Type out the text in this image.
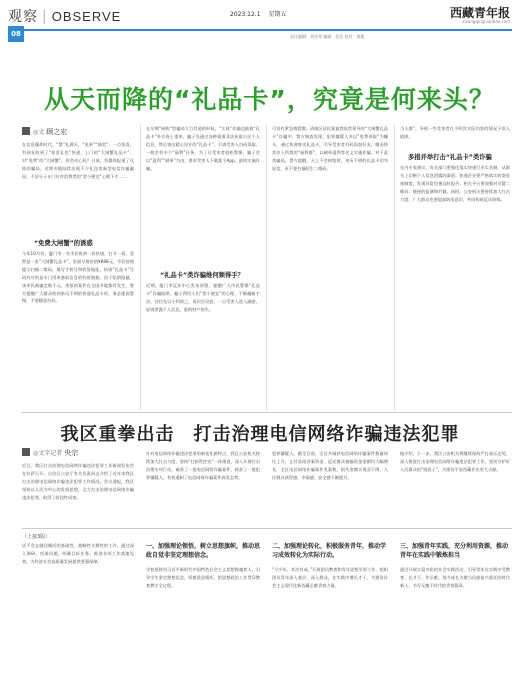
观察 | OBSERVE	2023.12.1 星期五	西藏青年报
xizangqingnianbao.com
08	责任编辑：刘亚琴 编辑：任浩 校对：贾聪
从天而降的“礼品卡”，究竟是何来头？
◎文 顾之宏
在信息爆炸时代，“警”礼满天，“免单”“抽奖”，一点惊喜。有网友收到了“惊喜礼包”快递，上门的“大闸蟹礼品卡”、对“免费”的“大闸蟹”，你会动心吗？日前，有媒体报道了这样的骗局。近期多地陆续出现不少礼包类新型电信诈骗骗局，不法分子专门针对消费者的“贪小便宜”心理下手……
“免费大闸蟹”的诱惑
今年10月份，厦门市一名市民收到一份快递，打开一看，竟然是一张“大闸蟹礼品卡”，里面写着价值¥888元，市民按照提示扫描二维码，填写手机号和收货地址，结果“礼品卡”号码对应的是专门用来套取信息的钓鱼链接。由于陷阱隐蔽，该市民被骗走数千元。类似的案件在全国多地都有发生，警方提醒广大群众收到来历不明的快递礼品卡时，务必提高警惕，不要随意扫码。
在早期“网购”型骗局大行其道的时候，“实体”诈骗也披着“礼品卡”外衣卷土重来。骗子先通过各种渠道非法获取公民个人信息，然后寄出精心设计的“礼品卡”，引诱受害人扫码领取。一般会有多个“福利”任务，为了让受害者放松警惕，骗子会以“返利”“刷单”为由，要求受害人下载某个App，最终实施诈骗。
“礼品卡”类诈骗维何频得手？
近期，厦门市反诈中心发布预警，提醒广大市民警惕“礼品卡”诈骗陷阱。骗子利用人们“贪小便宜”的心理，不断翻新手法，往往先以小利诱之，再层层设套，一旦受害人进入圈套，轻则泄露个人信息，重则财产损失。
可设有紧急销暂缴。清康区居民案彼我诶哲领导的“大闸蟹礼品卡”诈骗中，警方调查发现，犯罪嫌疑人多以“免费领取”为噱头，通过快递寄送礼品卡，引导受害者扫码添加好友，继而将其拉入所谓的“福利群”，以刷单返利等名义实施诈骗。对于此类骗局，警方提醒，天上不会掉馅饼，来历不明的礼品卡切勿轻信，更不要扫描陌生二维码。
当人群”，导致一些受害者在不明其实际内容的情况下误入陷阱。
多措并举打击“礼品卡”类诈骗
在内专家建议，有关部门要强化落实快递行业实名制，从源头上切断个人信息泄露的渠道；快递企业要严格落实收寄验视制度，发现异常包裹及时报告；相关平台要加强对可疑二维码、链接的监测和拦截。同时，公安机关要持续加大打击力度，广大群众也要提高防范意识，共同构筑反诈防线。
我区重拳出击　打击治理电信网络诈骗违法犯罪
◎文字记者 央宗
近日，我区打击治理电信网络诈骗违法犯罪工作新闻发布会在拉萨召开。自治区公安厅有关负责同志介绍了近年来我区打击治理电信网络诈骗违法犯罪工作情况。会议通报，我区坚持以人民为中心的发展思想，全力打击治理电信网络诈骗违法犯罪，取得了阶段性成效。
针对电信网络诈骗违法犯罪的新变化新特点，我区公安机关持续加大打击力度，坚持“打防管控宣”一体推进，深入开展打击治理专项行动，破获了一批电信网络诈骗案件，抓获了一批犯罪嫌疑人，有效遏制了电信网络诈骗案件高发态势。
犯罪嫌疑人。截至目前，全区共破获电信网络诈骗案件数量同比上升，止付冻结涉案资金、返还群众被骗资金金额均大幅增长，全区电信网络诈骗案件发案数、损失金额实现双下降，人民群众获得感、幸福感、安全感不断提升。
据介绍，下一步，我区公安机关将继续保持严打高压态势，深入推进打击治理电信网络诈骗违法犯罪工作，坚决守护好人民群众的“钱袋子”，为建设平安西藏作出更大贡献。
（上接3版）
语不会去做回城近的基础性、战略性支撑性的工作。通过深入调研，找准问题，明确目标任务，推进各项工作落地见效，为经济社会高质量发展提供坚强保障。
一、加强理论领悟，树立思想旗帜，推动思政自觉非坚定理想信念。
学校坚持用习近平新时代中国特色社会主义思想铸魂育人，引导学生坚定理想信念，厚植爱国情怀，把思想政治工作贯穿教育教学全过程。
二、加强理论转化，积极服务青年，推动学习成效转化为实际行动。
“今少年，其次有成。”开展团员教育和青年思想引领工作，组织团员青年深入基层、深入群众，在实践中增长才干，为建设社会主义现代化新西藏贡献青春力量。
三、加强青年实践，充分利用资源，推动青年在实践中锻炼担当
通过开展丰富多彩的社会实践活动，引导青年在实践中受教育、长才干、作贡献，努力成长为堪当民族复兴重任的时代新人，书写无愧于时代的青春篇章。
